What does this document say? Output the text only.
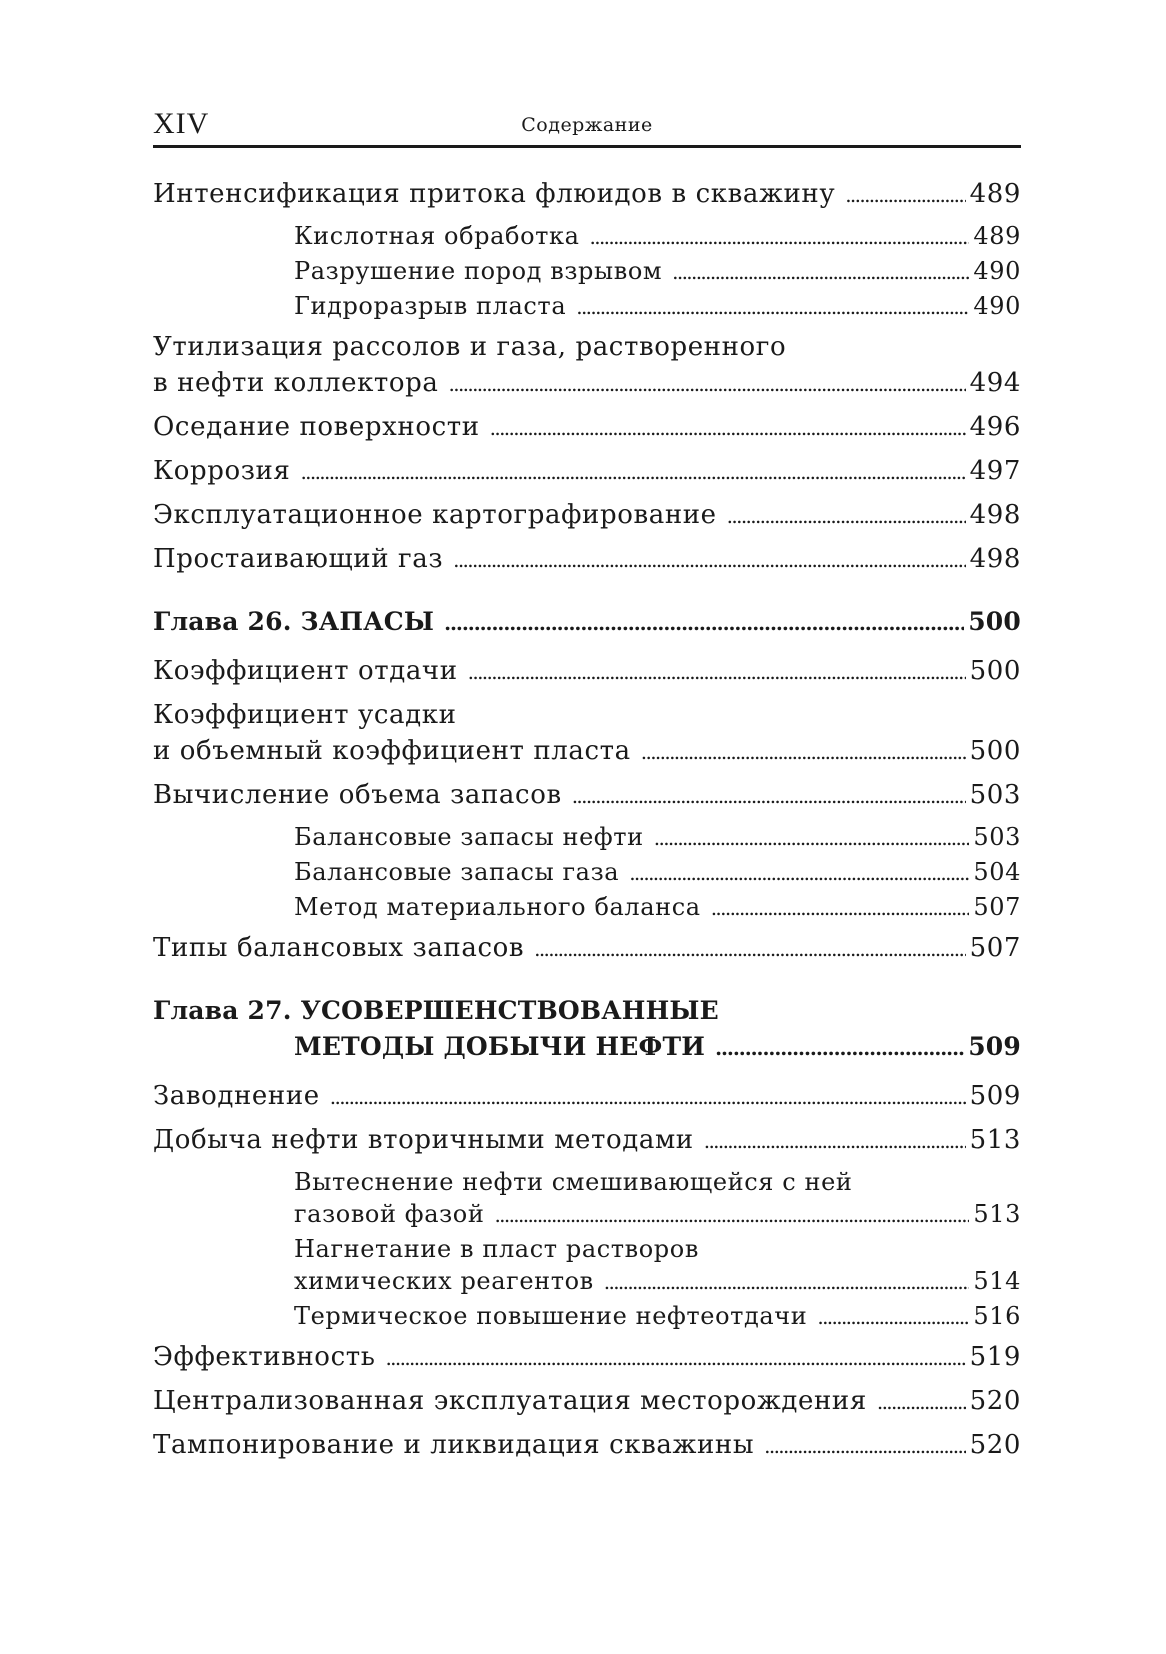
XIV	Содержание
Интенсификация притока флюидов в скважину . . .	489
Кислотная обработка . . .	489
Разрушение пород взрывом . . .	490
Гидроразрыв пласта . . .	490
Утилизация рассолов и газа, растворенного
в нефти коллектора . . .	494
Оседание поверхности . . .	496
Коррозия . . .	497
Эксплуатационное картографирование . . .	498
Простаивающий газ . . .	498
Глава 26. ЗАПАСЫ . . .	500
Коэффициент отдачи . . .	500
Коэффициент усадки
и объемный коэффициент пласта . . .	500
Вычисление объема запасов . . .	503
Балансовые запасы нефти . . .	503
Балансовые запасы газа . . .	504
Метод материального баланса . . .	507
Типы балансовых запасов . . .	507
Глава 27. УСОВЕРШЕНСТВОВАННЫЕ
МЕТОДЫ ДОБЫЧИ НЕФТИ . . .	509
Заводнение . . .	509
Добыча нефти вторичными методами . . .	513
Вытеснение нефти смешивающейся с ней
газовой фазой . . .	513
Нагнетание в пласт растворов
химических реагентов . . .	514
Термическое повышение нефтеотдачи . . .	516
Эффективность . . .	519
Централизованная эксплуатация месторождения . . .	520
Тампонирование и ликвидация скважины . . .	520
